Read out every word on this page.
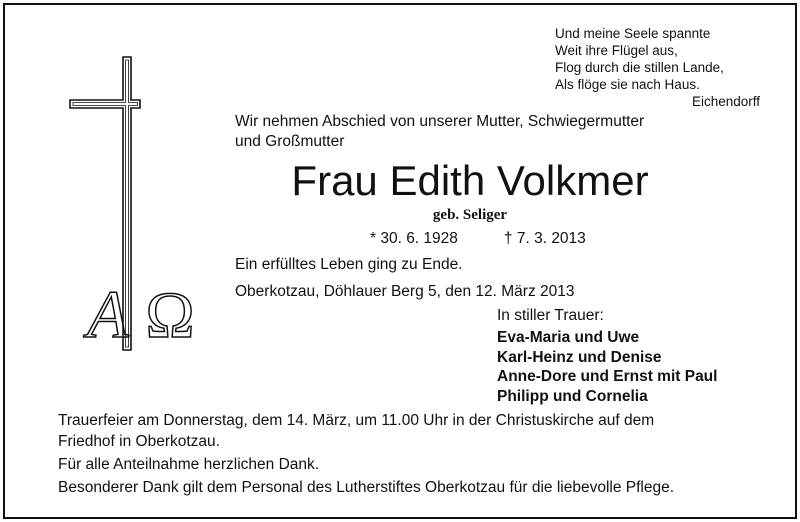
Und meine Seele spannte
Weit ihre Flügel aus,
Flog durch die stillen Lande,
Als flöge sie nach Haus.
Eichendorff
A Ω
Wir nehmen Abschied von unserer Mutter, Schwiegermutter
und Großmutter
Frau Edith Volkmer
geb. Seliger
* 30. 6. 1928	† 7. 3. 2013
Ein erfülltes Leben ging zu Ende.
Oberkotzau, Döhlauer Berg 5, den 12. März 2013
In stiller Trauer:
Eva-Maria und Uwe
Karl-Heinz und Denise
Anne-Dore und Ernst mit Paul
Philipp und Cornelia

Trauerfeier am Donnerstag, dem 14. März, um 11.00 Uhr in der Christuskirche auf dem

Friedhof in Oberkotzau.

Für alle Anteilnahme herzlichen Dank.

Besonderer Dank gilt dem Personal des Lutherstiftes Oberkotzau für die liebevolle Pflege.
